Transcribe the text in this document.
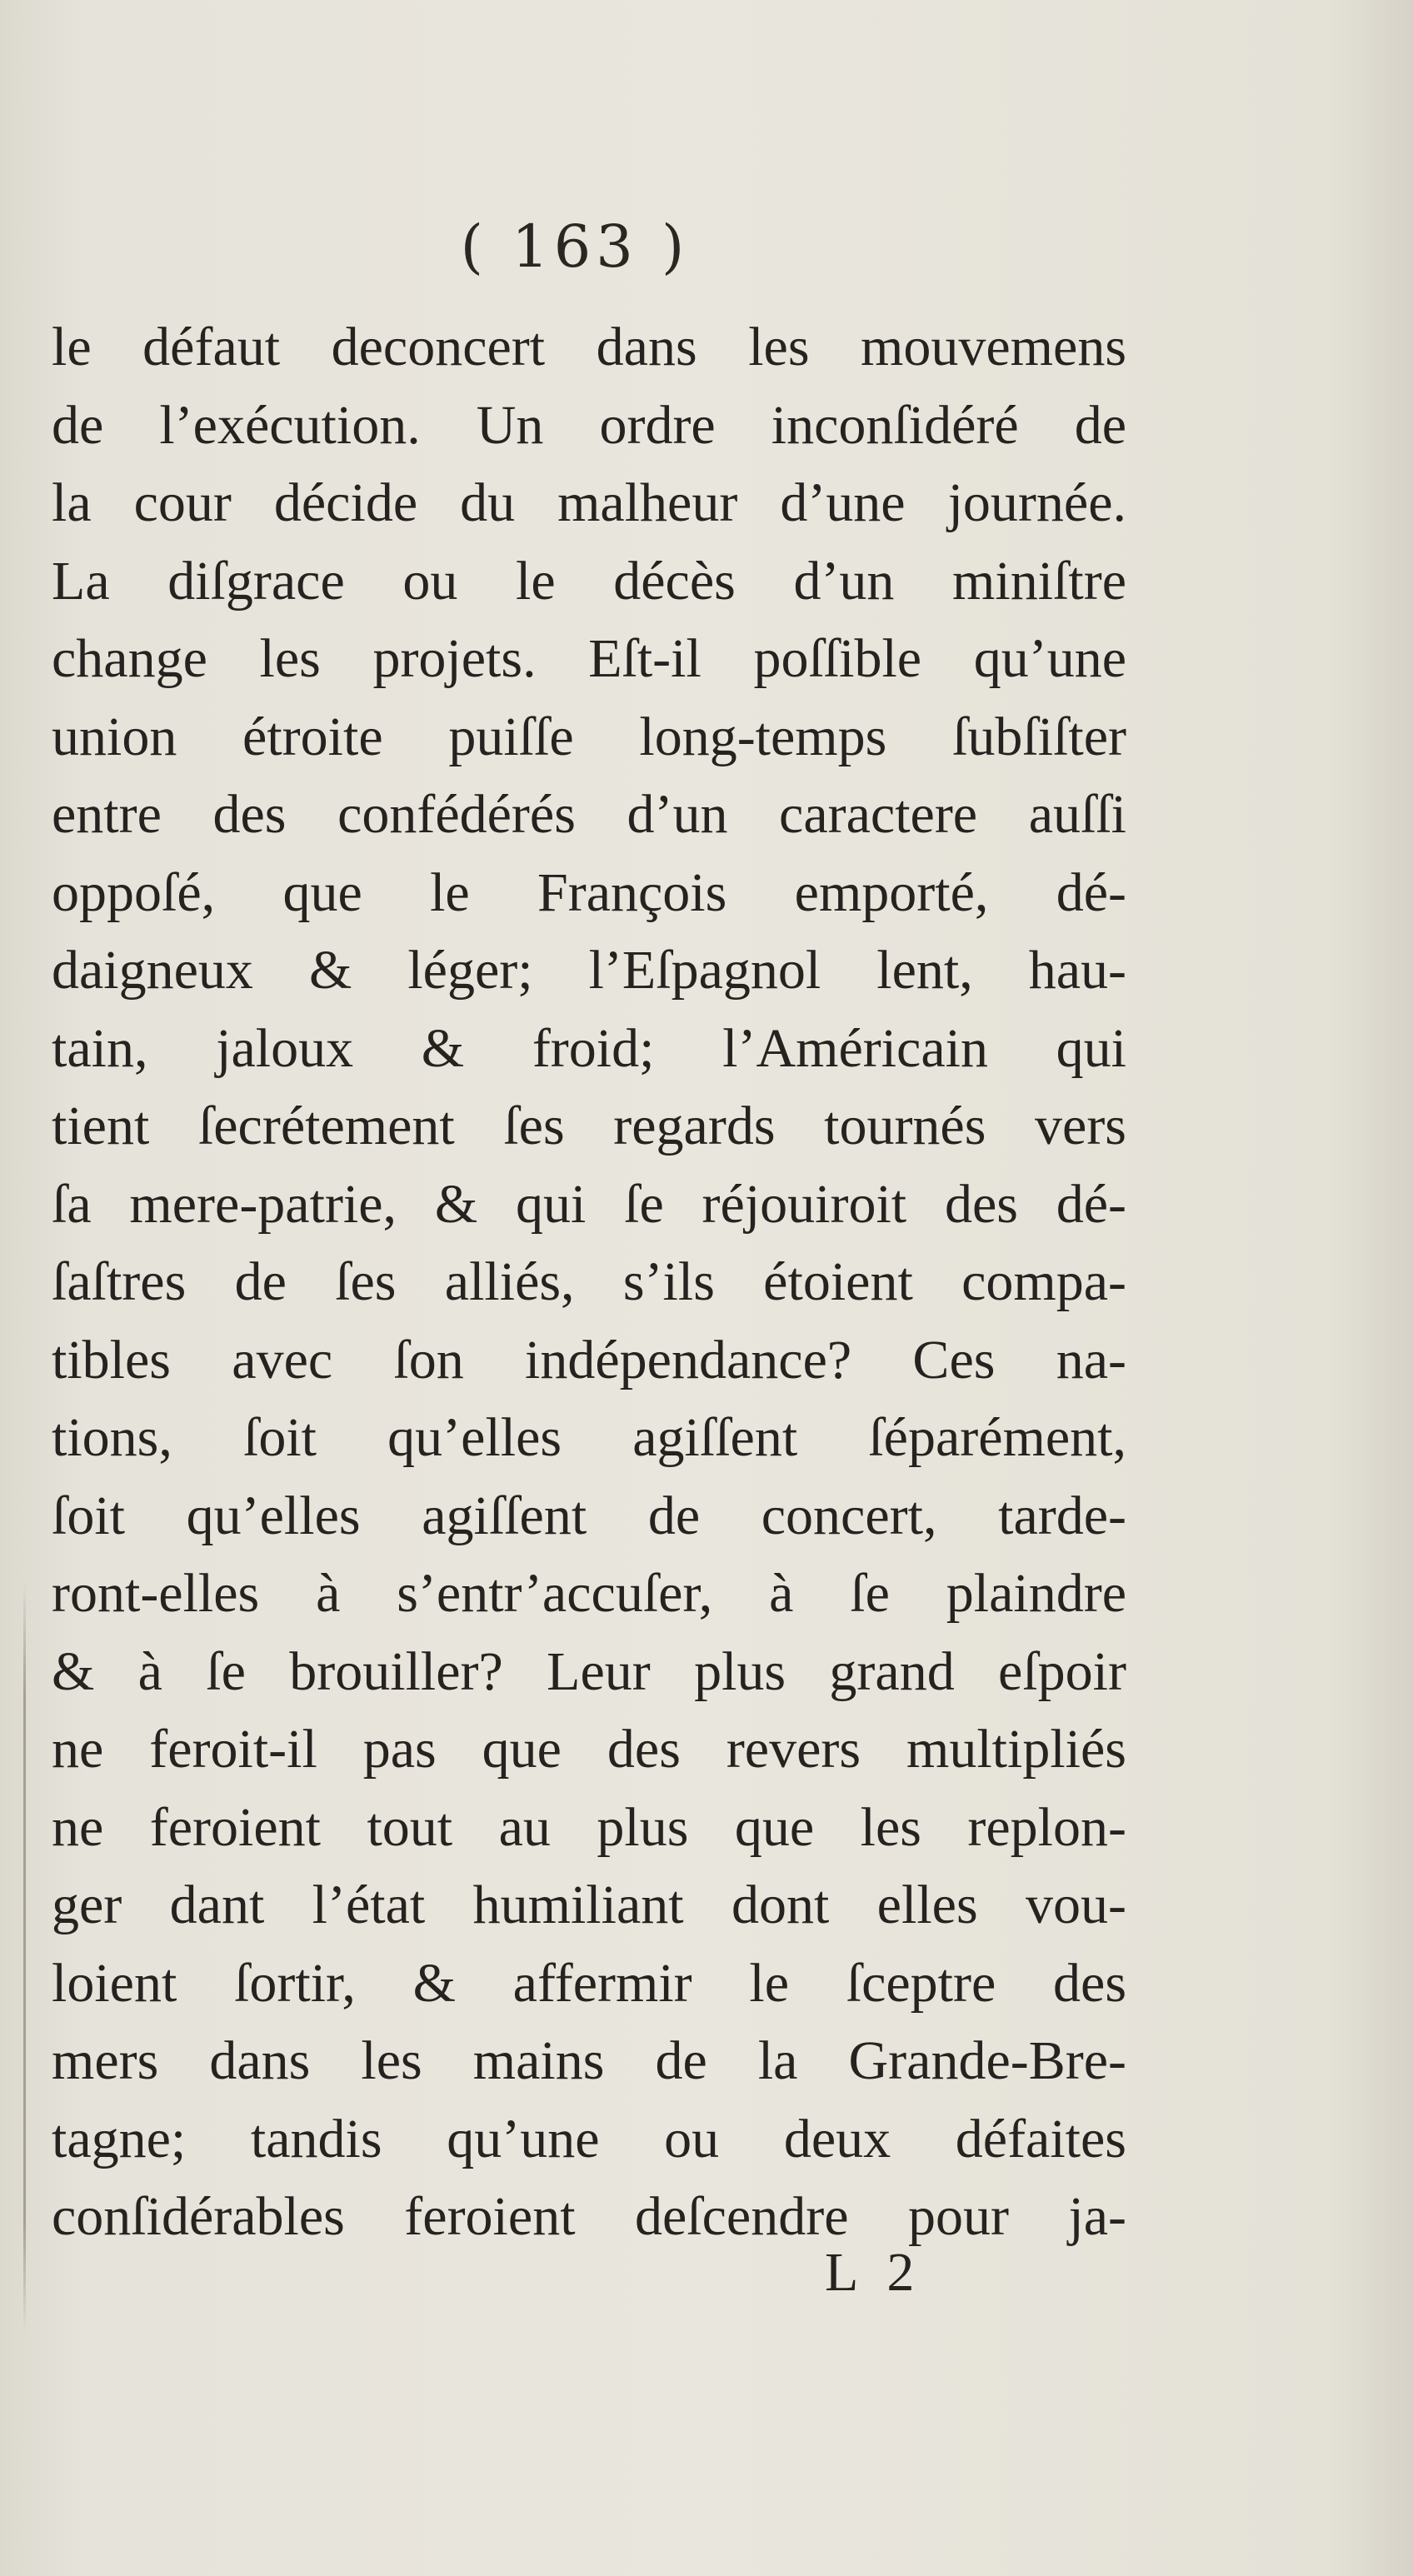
( 163 )
le défaut deconcert dans les mouvemens
de l’exécution. Un ordre inconſidéré de
la cour décide du malheur d’une journée.
La diſgrace ou le décès d’un miniſtre
change les projets. Eſt-il poſſible qu’une
union étroite puiſſe long-temps ſubſiſter
entre des confédérés d’un caractere auſſi
oppoſé, que le François emporté, dé-
daigneux & léger; l’Eſpagnol lent, hau-
tain, jaloux & froid; l’Américain qui
tient ſecrétement ſes regards tournés vers
ſa mere-patrie, & qui ſe réjouiroit des dé-
ſaſtres de ſes alliés, s’ils étoient compa-
tibles avec ſon indépendance? Ces na-
tions, ſoit qu’elles agiſſent ſéparément,
ſoit qu’elles agiſſent de concert, tarde-
ront-elles à s’entr’accuſer, à ſe plaindre
& à ſe brouiller? Leur plus grand eſpoir
ne feroit-il pas que des revers multipliés
ne feroient tout au plus que les replon-
ger dant l’état humiliant dont elles vou-
loient ſortir, & affermir le ſceptre des
mers dans les mains de la Grande-Bre-
tagne; tandis qu’une ou deux défaites
conſidérables feroient deſcendre pour ja-
L 2
